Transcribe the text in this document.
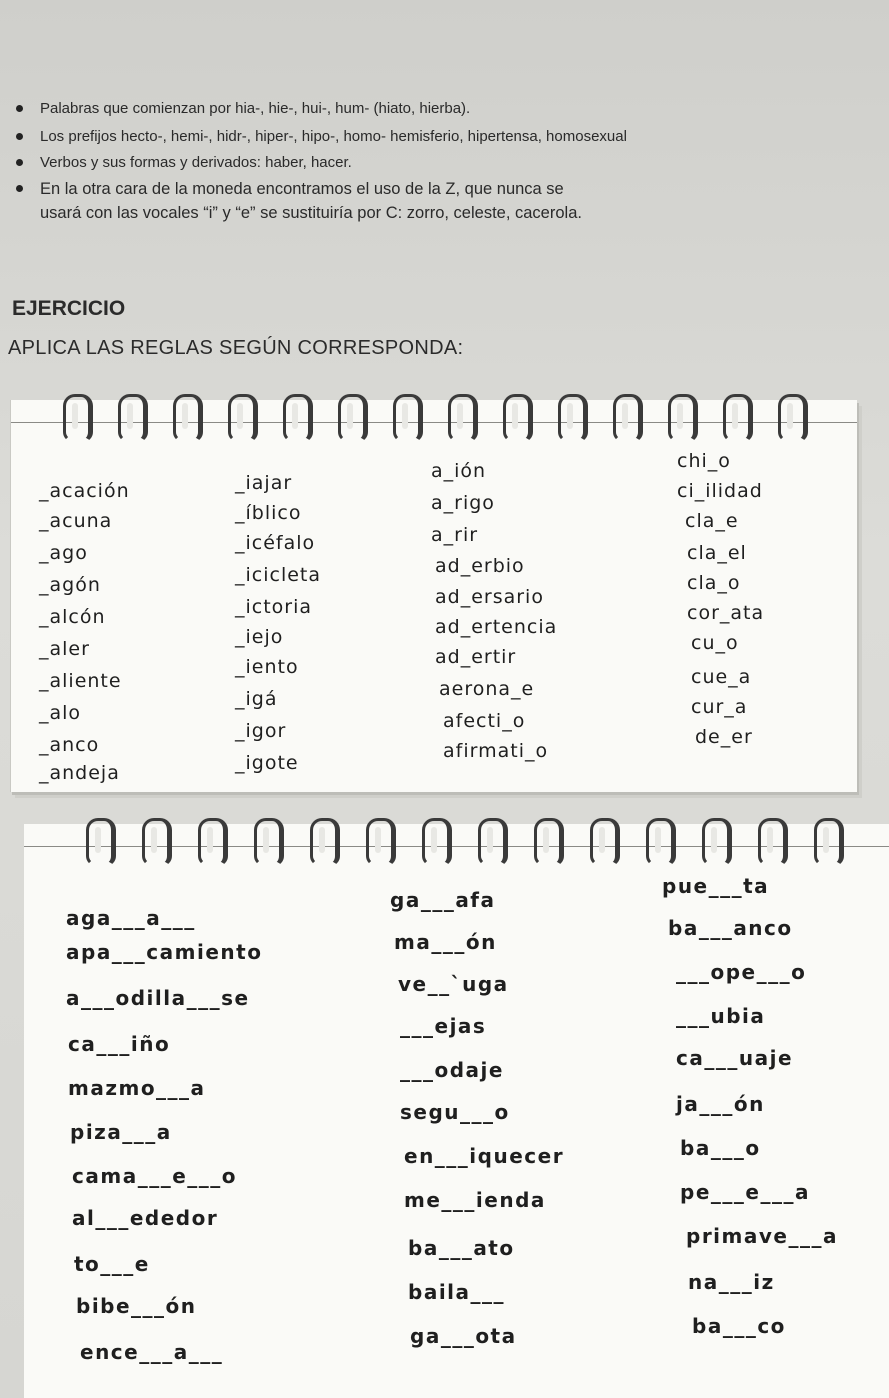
Palabras que comienzan por hia-, hie-, hui-, hum- (hiato, hierba).
Los prefijos hecto-, hemi-, hidr-, hiper-, hipo-, homo- hemisferio, hipertensa, homosexual
Verbos y sus formas y derivados: haber, hacer.
En la otra cara de la moneda encontramos el uso de la Z, que nunca se
usará con las vocales “i” y “e” se sustituiría por C: zorro, celeste, cacerola.
EJERCICIO
APLICA LAS REGLAS SEGÚN CORRESPONDA:
_acación
_acuna
_ago
_agón
_alcón
_aler
_aliente
_alo
_anco
_andeja
_iajar
_íblico
_icéfalo
_icicleta
_ictoria
_iejo
_iento
_igá
_igor
_igote
a_ión
a_rigo
a_rir
ad_erbio
ad_ersario
ad_ertencia
ad_ertir
aerona_e
afecti_o
afirmati_o
chi_o
ci_ilidad
cla_e
cla_el
cla_o
cor_ata
cu_o
cue_a
cur_a
de_er
aga___a___
apa___camiento
a___odilla___se
ca___iño
mazmo___a
piza___a
cama___e___o
al___ededor
to___e
bibe___ón
ence___a___
ga___afa
ma___ón
ve__`uga
___ejas
___odaje
segu___o
en___iquecer
me___ienda
ba___ato
baila___
ga___ota
pue___ta
ba___anco
___ope___o
___ubia
ca___uaje
ja___ón
ba___o
pe___e___a
primave___a
na___iz
ba___co
